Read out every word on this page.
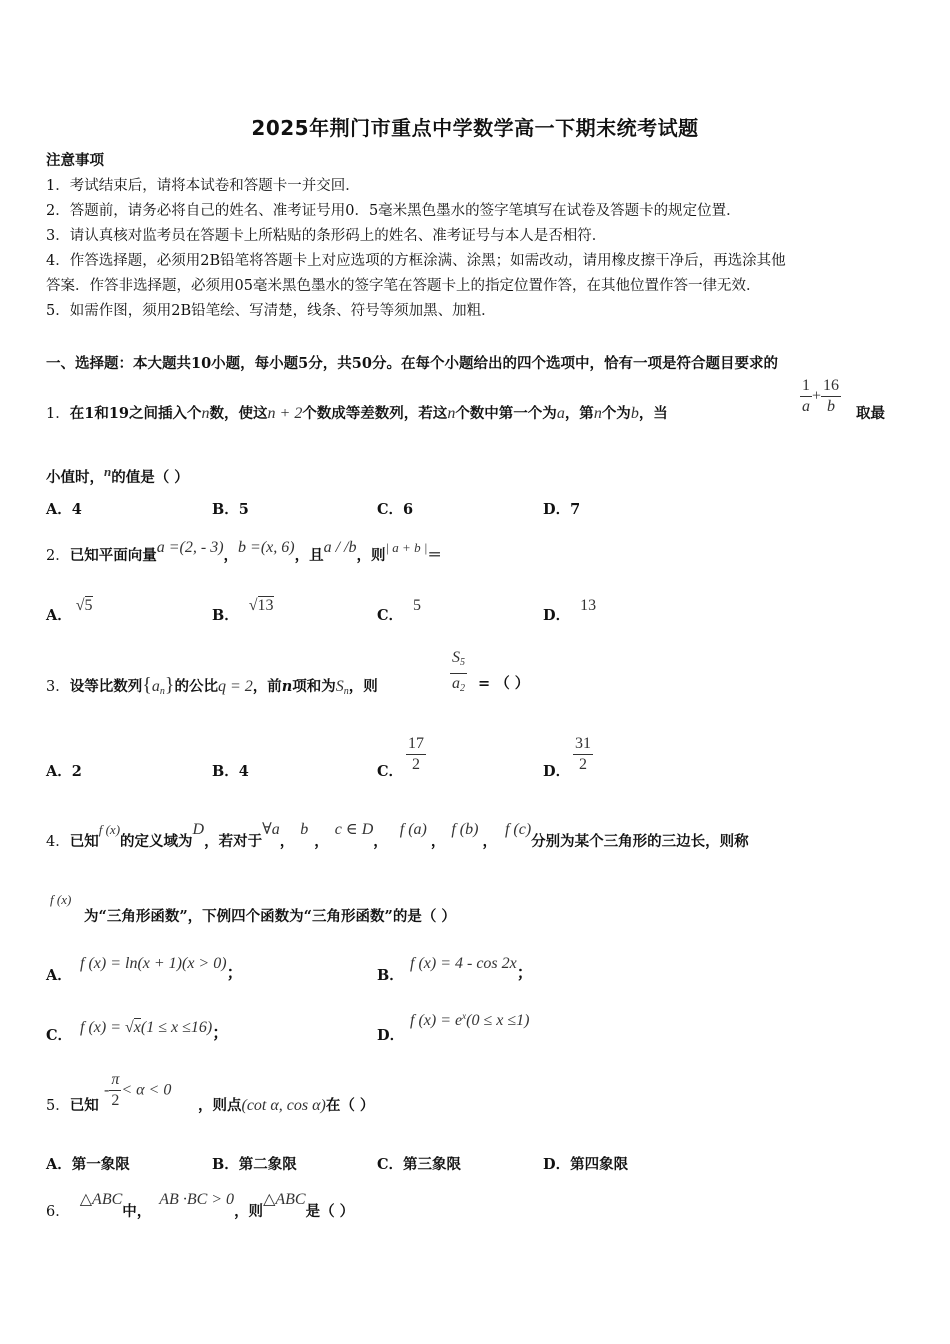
2025年荆门市重点中学数学高一下期末统考试题
注意事项
1．考试结束后，请将本试卷和答题卡一并交回．
2．答题前，请务必将自己的姓名、准考证号用0．5毫米黑色墨水的签字笔填写在试卷及答题卡的规定位置．
3．请认真核对监考员在答题卡上所粘贴的条形码上的姓名、准考证号与本人是否相符．
4．作答选择题，必须用2B铅笔将答题卡上对应选项的方框涂满、涂黑；如需改动，请用橡皮擦干净后，再选涂其他
答案．作答非选择题，必须用05毫米黑色墨水的签字笔在答题卡上的指定位置作答，在其他位置作答一律无效．
5．如需作图，须用2B铅笔绘、写清楚，线条、符号等须加黑、加粗．
一、选择题：本大题共10小题，每小题5分，共50分。在每个小题给出的四个选项中，恰有一项是符合题目要求的
1．在1和19之间插入个n数，使这n + 2个数成等差数列，若这n个数中第一个为a，第n个为b，当	$\frac{1}{a} + \frac{16}{b}$ 取最
小值时，n的值是（ ）
A．4	B．5	C．6	D．7
2．已知平面向量a =(2, - 3)，b =(x, 6)，且a / /b，则| a + b |＝
A．√5
B．√13
C．5
D．13
3．设等比数列$\{a_n\}$的公比q = 2，前n项和为$S_n$，则	$\frac{S_5}{a_2}$ = （ ）
A．2	B．4	C． $\frac{17}{2}$	D． $\frac{31}{2}$
4．已知f (x)的定义域为D，若对于∀a，b，c ∈ D，f (a)，f (b)，f (c)分别为某个三角形的三边长，则称
f (x)
为“三角形函数”，下例四个函数为“三角形函数”的是（ ）
A．
f (x) = ln(x + 1)(x > 0)；	B．
f (x) = 4 - cos 2x；
C． f (x) = √x(1 ≤ x ≤16)；	D．
f $(x) = e^x(0 \le x \le 1)$
5．已知
- $\frac{\pi}{2} < \alpha < 0$
，则点(cot α, cos α)在（ ）
A．第一象限	B．第二象限	C．第三象限	D．第四象限
6．△ABC中，AB ·BC > 0，则△ABC是（ ）
